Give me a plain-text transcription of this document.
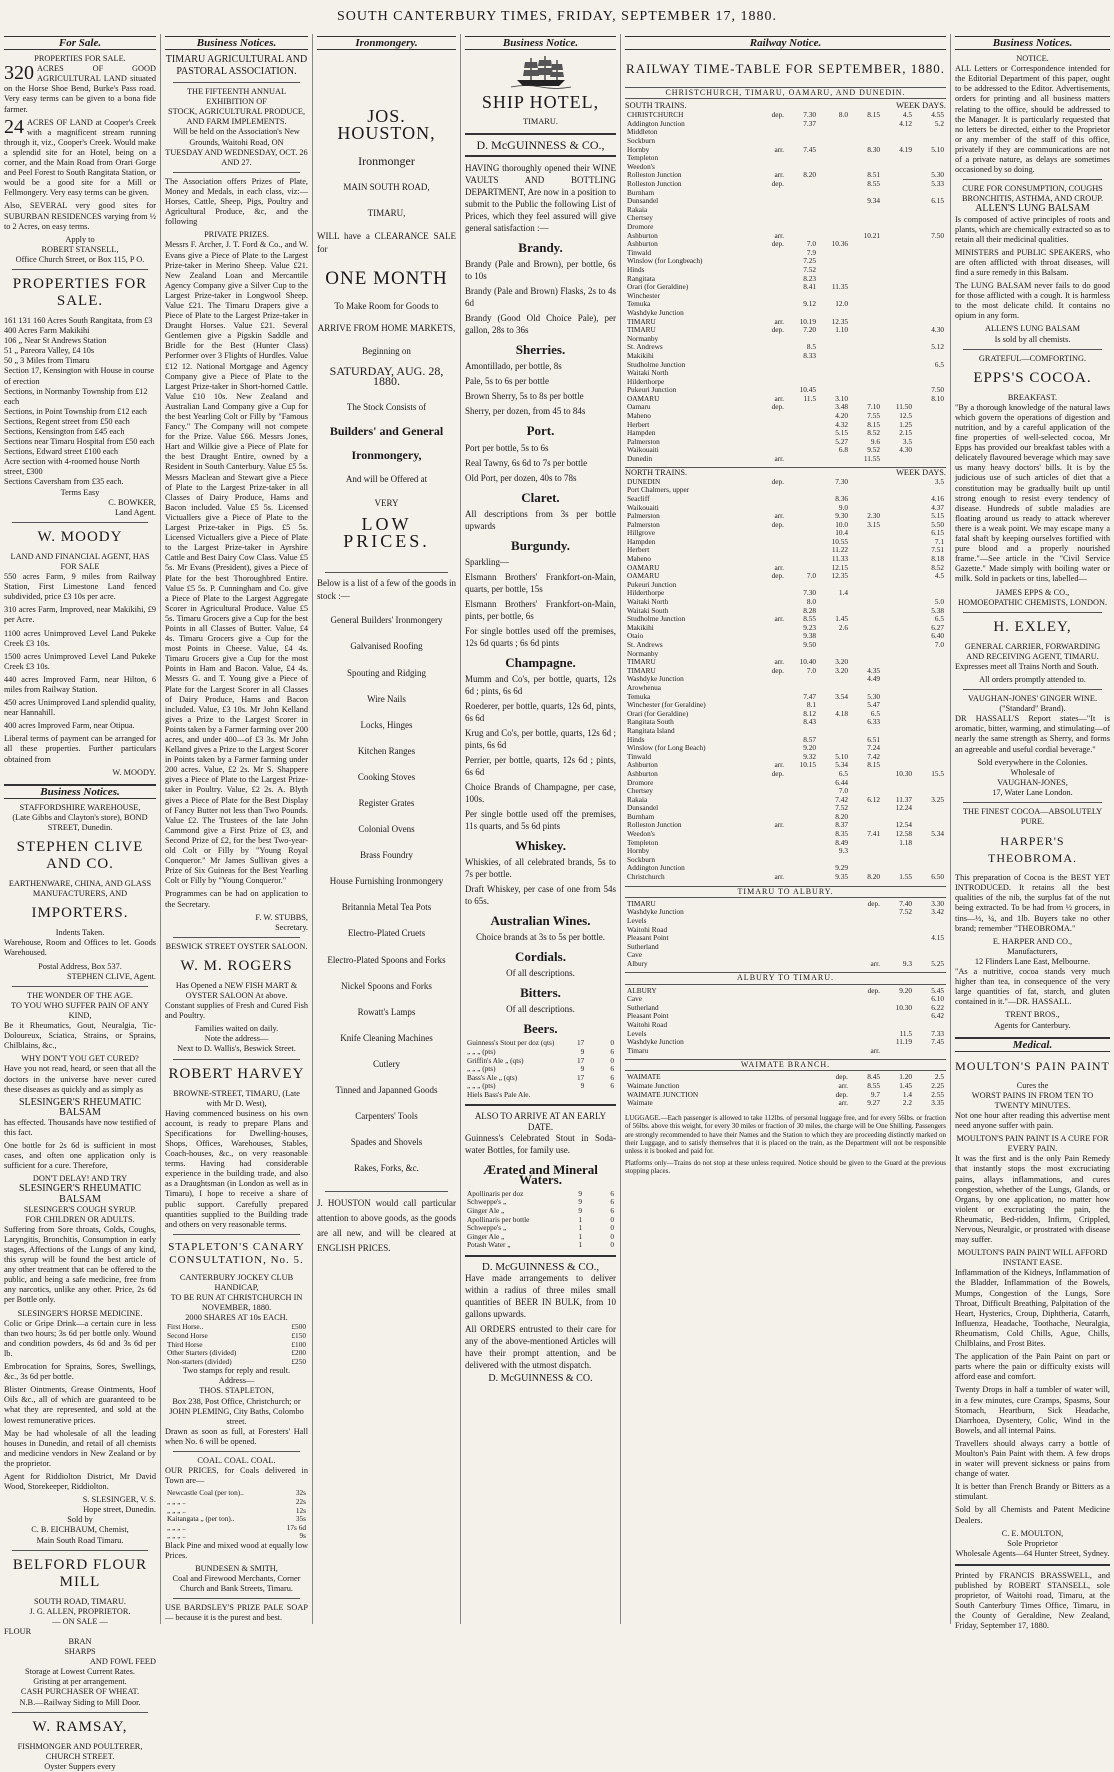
SOUTH CANTERBURY TIMES, FRIDAY, SEPTEMBER 17, 1880.
For Sale.
PROPERTIES FOR SALE.

320 ACRES OF GOOD AGRICULTURAL LAND situated on the Horse Shoe Bend, Burke's Pass road. Very easy terms can be given to a bona fide farmer.

24 ACRES OF LAND at Cooper's Creek with a magnificent stream running through it, viz., Cooper's Creek. Would make a splendid site for an Hotel, being on a corner, and the Main Road from Orari Gorge and Peel Forest to South Rangitata Station, or would be a good site for a Mill or Fellmongery. Very easy terms can be given.

Also, SEVERAL very good sites for SUBURBAN RESIDENCES varying from ½ to 2 Acres, on easy terms.

Apply to
ROBERT STANSELL,
Office Church Street, or Box 115, P O.
PROPERTIES FOR SALE.
161 131 160 Acres South Rangitata, from £3
400 Acres Farm Makikihi
106 „ Near St Andrews Station
51 „ Pareora Valley, £4 10s
50 „ 3 Miles from Timaru
Section 17, Kensington with House in course of erection
Sections, in Normanby Township from £12 each
Sections, in Point Township from £12 each
Sections, Regent street from £50 each
Sections, Kensington from £45 each
Sections near Timaru Hospital from £50 each
Sections, Edward street £100 each
Acre section with 4-roomed house North street, £300
Sections Caversham from £35 each.
Terms Easy
C. BOWKER,
Land Agent.
W. MOODY
LAND AND FINANCIAL AGENT, HAS FOR SALE

550 acres Farm, 9 miles from Railway Station, First Limestone Land fenced subdivided, price £3 10s per acre.

310 acres Farm, Improved, near Makikihi, £9 per Acre.

1100 acres Unimproved Level Land Pukeke Creek £3 10s.

1500 acres Unimproved Level Land Pukeke Creek £3 10s.

440 acres Improved Farm, near Hilton, 6 miles from Railway Station.

450 acres Unimproved Land splendid quality, near Hannahill.

400 acres Improved Farm, near Otipua.

Liberal terms of payment can be arranged for all these properties. Further particulars obtained from

W. MOODY.
Business Notices.
STAFFORDSHIRE WAREHOUSE,
(Late Gibbs and Clayton's store), BOND STREET, Dunedin.
STEPHEN CLIVE AND CO.
EARTHENWARE, CHINA, AND GLASS MANUFACTURERS, AND
IMPORTERS.
Indents Taken.

Warehouse, Room and Offices to let. Goods Warehoused.

Postal Address, Box 537.
STEPHEN CLIVE, Agent.
THE WONDER OF THE AGE.
TO YOU WHO SUFFER PAIN OF ANY KIND,

Be it Rheumatics, Gout, Neuralgia, Tic-Doloureux, Sciatica, Strains, or Sprains, Chilblains, &c.,

WHY DON'T YOU GET CURED?

Have you not read, heard, or seen that all the doctors in the universe have never cured these diseases as quickly and as simply as

SLESINGER'S RHEUMATIC BALSAM

has effected. Thousands have now testified of this fact.

One bottle for 2s 6d is sufficient in most cases, and often one application only is sufficient for a cure. Therefore,

DON'T DELAY! AND TRY
SLESINGER'S RHEUMATIC BALSAM
SLESINGER'S COUGH SYRUP.
FOR CHILDREN OR ADULTS.

Suffering from Sore throats, Colds, Coughs, Laryngitis, Bronchitis, Consumption in early stages, Affections of the Lungs of any kind, this syrup will be found the best article of any other treatment that can be offered to the public, and being a safe medicine, free from any narcotics, unlike any other. Price, 2s 6d per Bottle only.

SLESINGER'S HORSE MEDICINE.

Colic or Gripe Drink—a certain cure in less than two hours; 3s 6d per bottle only. Wound and condition powders, 4s 6d and 3s 6d per lb.

Embrocation for Sprains, Sores, Swellings, &c., 3s 6d per bottle.

Blister Ointments, Grease Ointments, Hoof Oils &c., all of which are guaranteed to be what they are represented, and sold at the lowest remunerative prices.

May be had wholesale of all the leading houses in Dunedin, and retail of all chemists and medicine vendors in New Zealand or by the proprietor.

Agent for Riddiolton District, Mr David Wood, Storekeeper, Riddiolton.

S. SLESINGER, V. S.
Hope street, Dunedin.
Sold by
C. B. EICHBAUM, Chemist,
Main South Road Timaru.
BELFORD FLOUR MILL
SOUTH ROAD, TIMARU.
J. G. ALLEN, PROPRIETOR.
— ON SALE —
FLOUR
BRAN
SHARPS
AND FOWL FEED
Storage at Lowest Current Rates.
Gristing at per arrangement.
CASH PURCHASER OF WHEAT.
N.B.—Railway Siding to Mill Door.
W. RAMSAY,
FISHMONGER AND POULTERER, CHURCH STREET.
Oyster Suppers every
Business Notices.
TIMARU AGRICULTURAL AND PASTORAL ASSOCIATION.
THE FIFTEENTH ANNUAL EXHIBITION OF
STOCK, AGRICULTURAL PRODUCE, AND FARM IMPLEMENTS.
Will be held on the Association's New Grounds, Waitohi Road, ON
TUESDAY AND WEDNESDAY, OCT. 26 AND 27.

The Association offers Prizes of Plate, Money and Medals, in each class, viz:— Horses, Cattle, Sheep, Pigs, Poultry and Agricultural Produce, &c, and the following

PRIVATE PRIZES.

Messrs F. Archer, J. T. Ford & Co., and W. Evans give a Piece of Plate to the Largest Prize-taker in Merino Sheep. Value £21. New Zealand Loan and Mercantile Agency Company give a Silver Cup to the Largest Prize-taker in Longwool Sheep. Value £21. The Timaru Drapers give a Piece of Plate to the Largest Prize-taker in Draught Horses. Value £21. Several Gentlemen give a Pigskin Saddle and Bridle for the Best (Hunter Class) Performer over 3 Flights of Hurdles. Value £12 12. National Mortgage and Agency Company give a Piece of Plate to the Largest Prize-taker in Short-horned Cattle. Value £10 10s. New Zealand and Australian Land Company give a Cup for the best Yearling Colt or Filly by "Famous Fancy." The Company will not compete for the Prize. Value £66. Messrs Jones, Hart and Wilkie give a Piece of Plate for the best Draught Entire, owned by a Resident in South Canterbury. Value £5 5s. Messrs Maclean and Stewart give a Piece of Plate to the Largest Prize-taker in all Classes of Dairy Produce, Hams and Bacon included. Value £5 5s. Licensed Victuallers give a Piece of Plate to the Largest Prize-taker in Pigs. £5 5s. Licensed Victuallers give a Piece of Plate to the Largest Prize-taker in Ayrshire Cattle and Best Dairy Cow Class. Value £5 5s. Mr Evans (President), gives a Piece of Plate for the best Thoroughbred Entire. Value £5 5s. P. Cunningham and Co. give a Piece of Plate to the Largest Aggregate Scorer in Agricultural Produce. Value £5 5s. Timaru Grocers give a Cup for the best Points in all Classes of Butter. Value, £4 4s. Timaru Grocers give a Cup for the most Points in Cheese. Value, £4 4s. Timaru Grocers give a Cup for the most Points in Ham and Bacon. Value, £4 4s. Messrs G. and T. Young give a Piece of Plate for the Largest Scorer in all Classes of Dairy Produce, Hams and Bacon included. Value, £3 10s. Mr John Kelland gives a Prize to the Largest Scorer in Points taken by a Farmer farming over 200 acres, and under 400—of £3 3s. Mr John Kelland gives a Prize to the Largest Scorer in Points taken by a Farmer farming under 200 acres. Value, £2 2s. Mr S. Shappere gives a Piece of Plate to the Largest Prize-taker in Poultry. Value, £2 2s. A. Blyth gives a Piece of Plate for the Best Display of Fancy Butter not less than Two Pounds. Value £2. The Trustees of the late John Cammond give a First Prize of £3, and Second Prize of £2, for the best Two-year-old Colt or Filly by "Young Royal Conqueror." Mr James Sullivan gives a Prize of Six Guineas for the Best Yearling Colt or Filly by "Young Conqueror."

Programmes can be had on application to the Secretary.

F. W. STUBBS,
Secretary.
BESWICK STREET OYSTER SALOON.
W. M. ROGERS
Has Opened a NEW FISH MART & OYSTER SALOON At above.

Constant supplies of Fresh and Cured Fish and Poultry.

Families waited on daily.
Note the address—
Next to D. Wallis's, Beswick Street.
ROBERT HARVEY
BROWNE-STREET, TIMARU, (Late with Mr D. West),

Having commenced business on his own account, is ready to prepare Plans and Specifications for Dwelling-houses, Shops, Offices, Warehouses, Stables, Coach-houses, &c., on very reasonable terms. Having had considerable experience in the building trade, and also as a Draughtsman (in London as well as in Timaru), I hope to receive a share of public support. Carefully prepared quantities supplied to the Building trade and others on very reasonable terms.

STAPLETON'S CANARY CONSULTATION, No. 5.
CANTERBURY JOCKEY CLUB HANDICAP,
TO BE RUN AT CHRISTCHURCH IN NOVEMBER, 1880.
2000 SHARES AT 10s EACH.
First Horse..	£500
Second Horse	£150
Third Horse	£100
Other Starters (divided)	£200
Non-starters (divided)	£250
Two stamps for reply and result.
Address—
THOS. STAPLETON,
Box 238, Post Office, Christchurch; or JOHN PLEMING, City Baths, Colombo street.

Drawn as soon as full, at Foresters' Hall when No. 6 will be opened.

COAL. COAL. COAL.

OUR PRICES, for Coals delivered in Town are—

Newcastle Coal (per ton)..	32s
„ „ „ ..	22s
„ „ „ ..	12s
Kaitangata „ (per ton)..	35s
„ „ „ ..	17s 6d
„ „ „ ..	9s

Black Pine and mixed wood at equally low Prices.

BUNDESEN & SMITH,
Coal and Firewood Merchants, Corner Church and Bank Streets, Timaru.

USE BARDSLEY'S PRIZE PALE SOAP— because it is the purest and best.

Ironmongery.
JOS. HOUSTON,
Ironmonger
MAIN SOUTH ROAD,
TIMARU,

WILL have a CLEARANCE SALE for

ONE MONTH
To Make Room for Goods to
ARRIVE FROM HOME MARKETS,
Beginning on
SATURDAY, AUG. 28, 1880.
The Stock Consists of
Builders' and General
Ironmongery,
And will be Offered at
VERY
LOW PRICES.

Below is a list of a few of the goods in stock :—

General Builders' Ironmongery
Galvanised Roofing
Spouting and Ridging
Wire Nails
Locks, Hinges
Kitchen Ranges
Cooking Stoves
Register Grates
Colonial Ovens
Brass Foundry
House Furnishing Ironmongery
Britannia Metal Tea Pots
Electro-Plated Cruets
Electro-Plated Spoons and Forks
Nickel Spoons and Forks
Rowatt's Lamps
Knife Cleaning Machines
Cutlery
Tinned and Japanned Goods
Carpenters' Tools
Spades and Shovels
Rakes, Forks, &c.

J. HOUSTON would call particular attention to above goods, as the goods are all new, and will be cleared at ENGLISH PRICES.

Business Notice.
SHIP HOTEL,
TIMARU.
D. McGUINNESS & CO.,

HAVING thoroughly opened their WINE VAULTS AND BOTTLING DEPARTMENT, Are now in a position to submit to the Public the following List of Prices, which they feel assured will give general satisfaction :—

Brandy.

Brandy (Pale and Brown), per bottle, 6s to 10s

Brandy (Pale and Brown) Flasks, 2s to 4s 6d

Brandy (Good Old Choice Pale), per gallon, 28s to 36s

Sherries.

Amontillado, per bottle, 8s

Pale, 5s to 6s per bottle

Brown Sherry, 5s to 8s per bottle

Sherry, per dozen, from 45 to 84s

Port.

Port per bottle, 5s to 6s

Real Tawny, 6s 6d to 7s per bottle

Old Port, per dozen, 40s to 78s

Claret.

All descriptions from 3s per bottle upwards

Burgundy.

Sparkling—

Elsmann Brothers' Frankfort-on-Main, quarts, per bottle, 15s

Elsmann Brothers' Frankfort-on-Main, pints, per bottle, 6s

For single bottles used off the premises, 12s 6d quarts ; 6s 6d pints

Champagne.

Mumm and Co's, per bottle, quarts, 12s 6d ; pints, 6s 6d

Roederer, per bottle, quarts, 12s 6d, pints, 6s 6d

Krug and Co's, per bottle, quarts, 12s 6d ; pints, 6s 6d

Perrier, per bottle, quarts, 12s 6d ; pints, 6s 6d

Choice Brands of Champagne, per case, 100s.

Per single bottle used off the premises, 11s quarts, and 5s 6d pints

Whiskey.

Whiskies, of all celebrated brands, 5s to 7s per bottle.

Draft Whiskey, per case of one from 54s to 65s.

Australian Wines.

Choice brands at 3s to 5s per bottle.

Cordials.

Of all descriptions.

Bitters.

Of all descriptions.

Beers.
Guinness's Stout per doz (qts)	17	0
„ „ „ (pts)	9	6
Griffin's Ale „ (qts)	17	0
„ „ „ (pts)	9	6
Bass's Ale „ (qts)	17	6
„ „ „ (pts)	9	6
Hiels Bass's Pale Ale.		
ALSO TO ARRIVE AT AN EARLY DATE.

Guinness's Celebrated Stout in Soda-water Bottles, for family use.

Ærated and Mineral Waters.
Apollinaris per doz	9	6
Schweppe's „	9	6
Ginger Ale „	9	6
Apollinaris per bottle	1	0
Schweppe's „	1	0
Ginger Ale „	1	0
Potash Water „	1	0
D. McGUINNESS & CO.,

Have made arrangements to deliver within a radius of three miles small quantities of BEER IN BULK, from 10 gallons upwards.

All ORDERS entrusted to their care for any of the above-mentioned Articles will have their prompt attention, and be delivered with the utmost dispatch.

D. McGUINNESS & CO.
Railway Notice.
RAILWAY TIME-TABLE FOR SEPTEMBER, 1880.
CHRISTCHURCH, TIMARU, OAMARU, AND DUNEDIN.
SOUTH TRAINS.	WEEK DAYS.
CHRISTCHURCH	dep.	7.30	8.0	8.15	4.5	4.55
Addington Junction		7.37			4.12	5.2
Middleton						
Sockburn						
Hornby	arr.	7.45		8.30	4.19	5.10
Templeton						
Weedon's						
Rolleston Junction	arr.	8.20		8.51		5.30
Rolleston Junction	dep.			8.55		5.33
Burnham						
Dunsandel				9.34		6.15
Rakaia						
Chertsey						
Dromore						
Ashburton	arr.			10.21		7.50
Ashburton	dep.	7.0	10.36			
Tinwald		7.9				
Winslow (for Longbeach)		7.25				
Hinds		7.52				
Rangitata		8.23				
Orari (for Geraldine)		8.41	11.35			
Winchester						
Temuka		9.12	12.0			
Washdyke Junction						
TIMARU	arr.	10.19	12.35			
TIMARU	dep.	7.20	1.10			4.30
Normanby						
St. Andrews		8.5				5.12
Makikihi		8.33				
Studholme Junction						6.5
Waitaki North						
Hilderthorpe						
Pukeuri Junction		10.45				7.50
OAMARU	arr.	11.5	3.10			8.10
Oamaru	dep.		3.48	7.10	11.50	
Maheno			4.20	7.55	12.5	
Herbert			4.32	8.15	1.25	
Hampden			5.15	8.52	2.15	
Palmerston			5.27	9.6	3.5	
Waikouaiti			6.8	9.52	4.30	
Dunedin	arr.			11.55		
NORTH TRAINS.	WEEK DAYS.
DUNEDIN	dep.		7.30			3.5
Port Chalmers, upper						
Seacliff			8.36			4.16
Waikouaiti			9.0			4.37
Palmerston	arr.		9.30	2.30		5.15
Palmerston	dep.		10.0	3.15		5.50
Hillgrove			10.4			6.15
Hampden			10.55			7.1
Herbert			11.22			7.51
Maheno			11.33			8.18
OAMARU	arr.		12.15			8.52
OAMARU	dep.	7.0	12.35			4.5
Pukeuri Junction						
Hilderthorpe		7.30	1.4			
Waitaki North		8.0				5.0
Waitaki South		8.28				5.38
Studholme Junction	arr.	8.55	1.45			6.5
Makikihi		9.23	2.6			6.27
Otaio		9.38				6.40
St. Andrews		9.50				7.0
Normanby						
TIMARU	arr.	10.40	3.20			
TIMARU	dep.	7.0	3.20	4.35		
Washdyke Junction				4.49		
Arowhenua						
Temuka		7.47	3.54	5.30		
Winchester (for Geraldine)		8.1		5.47		
Orari (for Geraldine)		8.12	4.18	6.5		
Rangitata South		8.43		6.33		
Rangitata Island						
Hinds		8.57		6.51		
Winslow (for Long Beach)		9.20		7.24		
Tinwald		9.32	5.10	7.42		
Ashburton	arr.	10.15	5.34	8.15		
Ashburton	dep.		6.5		10.30	15.5
Dromore			6.44			
Chertsey			7.0			
Rakaia			7.42	6.12	11.37	3.25
Dunsandel			7.52		12.24	
Burnham			8.20			
Rolleston Junction	arr.		8.37		12.54	
Weedon's			8.35	7.41	12.58	5.34
Templeton			8.49		1.18	
Hornby			9.3			
Sockburn						
Addington Junction			9.29			
Christchurch	arr.		9.35	8.20	1.55	6.50
TIMARU TO ALBURY.
TIMARU	dep.	7.40	3.30
Washdyke Junction		7.52	3.42
Levels			
Waitohi Road			
Pleasant Point			4.15
Sutherland			
Cave			
Albury	arr.	9.3	5.25
ALBURY TO TIMARU.
ALBURY	dep.	9.20	5.45
Cave			6.10
Sutherland		10.30	6.22
Pleasant Point			6.42
Waitohi Road			
Levels		11.5	7.33
Washdyke Junction		11.19	7.45
Timaru	arr.		
WAIMATE BRANCH.
WAIMATE	dep.	8.45	1.20	2.5
Waimate Junction	arr.	8.55	1.45	2.25
WAIMATE JUNCTION	dep.	9.7	1.4	2.55
Waimate	arr.	9.27	2.2	3.35

LUGGAGE.—Each passenger is allowed to take 112lbs. of personal luggage free, and for every 56lbs. or fraction of 56lbs. above this weight, for every 30 miles or fraction of 30 miles, the charge will be One Shilling. Passengers are strongly recommended to have their Names and the Station to which they are proceeding distinctly marked on their Luggage, and to satisfy themselves that it is placed on the train, as the Department will not be responsible unless it is booked and paid for.

Platforms only—Trains do not stop at these unless required. Notice should be given to the Guard at the previous stopping places.

Business Notices.
NOTICE.

ALL Letters or Correspondence intended for the Editorial Department of this paper, ought to be addressed to the Editor. Advertisements, orders for printing and all business matters relating to the office, should be addressed to the Manager. It is particularly requested that no letters be directed, either to the Proprietor or any member of the staff of this office, privately if they are communications are not of a private nature, as delays are sometimes occasioned by so doing.

CURE FOR CONSUMPTION, COUGHS BRONCHITIS, ASTHMA, AND CROUP.
ALLEN'S LUNG BALSAM

Is composed of active principles of roots and plants, which are chemically extracted so as to retain all their medicinal qualities.

MINISTERS and PUBLIC SPEAKERS, who are often afflicted with throat diseases, will find a sure remedy in this Balsam.

The LUNG BALSAM never fails to do good for those afflicted with a cough. It is harmless to the most delicate child. It contains no opium in any form.

ALLEN'S LUNG BALSAM
Is sold by all chemists.
GRATEFUL—COMFORTING.
EPPS'S COCOA.
BREAKFAST.

"By a thorough knowledge of the natural laws which govern the operations of digestion and nutrition, and by a careful application of the fine properties of well-selected cocoa, Mr Epps has provided our breakfast tables with a delicately flavoured beverage which may save us many heavy doctors' bills. It is by the judicious use of such articles of diet that a constitution may be gradually built up until strong enough to resist every tendency of disease. Hundreds of subtle maladies are floating around us ready to attack wherever there is a weak point. We may escape many a fatal shaft by keeping ourselves fortified with pure blood and a properly nourished frame."—See article in the "Civil Service Gazette." Made simply with boiling water or milk. Sold in packets or tins, labelled—

JAMES EPPS & CO.,
HOMOEOPATHIC CHEMISTS, LONDON.
H. EXLEY,
GENERAL CARRIER, FORWARDING AND RECEIVING AGENT, TIMARU.

Expresses meet all Trains North and South.

All orders promptly attended to.
VAUGHAN-JONES' GINGER WINE. ("Standard" Brand).

DR HASSALL'S Report states—"It is aromatic, bitter, warming, and stimulating—of nearly the same strength as Sherry, and forms an agreeable and useful cordial beverage."

Sold everywhere in the Colonies.
Wholesale of
VAUGHAN-JONES,
17, Water Lane London.
THE FINEST COCOA—ABSOLUTELY PURE.
HARPER'S THEOBROMA.

This preparation of Cocoa is the BEST YET INTRODUCED. It retains all the best qualities of the nib, the surplus fat of the nut being extracted. To be had from ½ grocers, in tins—½, ¼, and 1lb. Buyers take no other brand; remember "THEOBROMA."

E. HARPER AND CO.,
Manufacturers,
12 Flinders Lane East, Melbourne.

"As a nutritive, cocoa stands very much higher than tea, in consequence of the very large quantities of fat, starch, and gluten contained in it."—DR. HASSALL.

TRENT BROS.,
Agents for Canterbury.
Medical.
MOULTON'S PAIN PAINT
Cures the
WORST PAINS IN FROM TEN TO
TWENTY MINUTES.

Not one hour after reading this advertise ment need anyone suffer with pain.

MOULTON'S PAIN PAINT IS A CURE FOR EVERY PAIN.

It was the first and is the only Pain Remedy that instantly stops the most excruciating pains, allays inflammations, and cures congestion, whether of the Lungs, Glands, or Organs, by one application, no matter how violent or excruciating the pain, the Rheumatic, Bed-ridden, Infirm, Crippled, Nervous, Neuralgic, or prostrated with disease may suffer.

MOULTON'S PAIN PAINT WILL AFFORD INSTANT EASE.

Inflammation of the Kidneys, Inflammation of the Bladder, Inflammation of the Bowels, Mumps, Congestion of the Lungs, Sore Throat, Difficult Breathing, Palpitation of the Heart, Hysterics, Croup, Diphtheria, Catarrh, Influenza, Headache, Toothache, Neuralgia, Rheumatism, Cold Chills, Ague, Chills, Chilblains, and Frost Bites.

The application of the Pain Paint on part or parts where the pain or difficulty exists will afford ease and comfort.

Twenty Drops in half a tumbler of water will, in a few minutes, cure Cramps, Spasms, Sour Stomach, Heartburn, Sick Headache, Diarrhoea, Dysentery, Colic, Wind in the Bowels, and all internal Pains.

Travellers should always carry a bottle of Moulton's Pain Paint with them. A few drops in water will prevent sickness or pains from change of water.

It is better than French Brandy or Bitters as a stimulant.

Sold by all Chemists and Patent Medicine Dealers.

C. E. MOULTON,
Sole Proprietor
Wholesale Agents—64 Hunter Street, Sydney.

Printed by FRANCIS BRASSWELL, and published by ROBERT STANSELL, sole proprietor, of Waitohi road, Timaru, at the South Canterbury Times Office, Timaru, in the County of Geraldine, New Zealand, Friday, September 17, 1880.
